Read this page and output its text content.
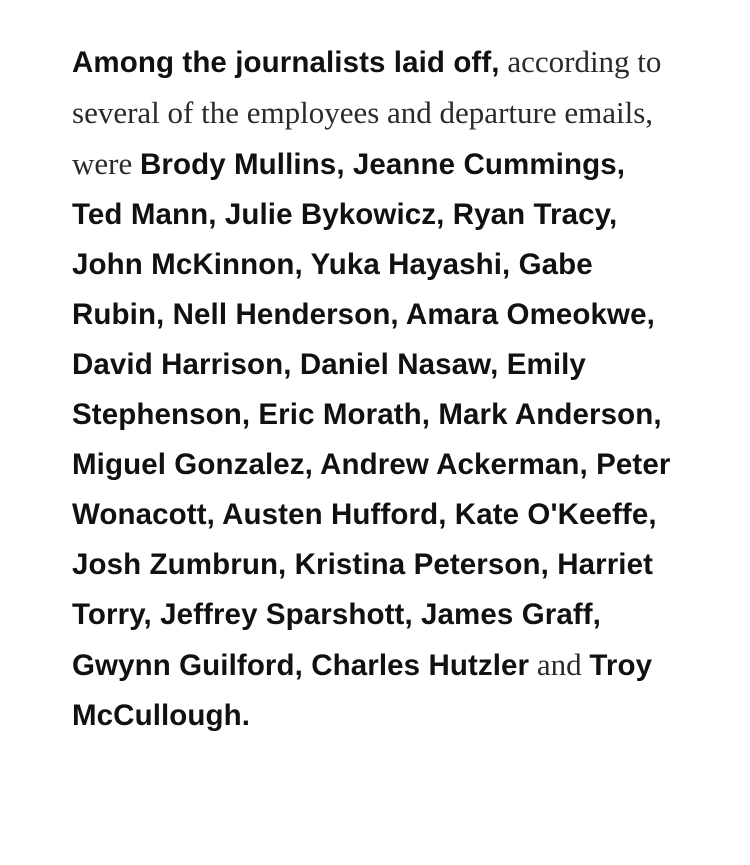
Among the journalists laid off, according to several of the employees and departure emails, were Brody Mullins, Jeanne Cummings, Ted Mann, Julie Bykowicz, Ryan Tracy, John McKinnon, Yuka Hayashi, Gabe Rubin, Nell Henderson, Amara Omeokwe, David Harrison, Daniel Nasaw, Emily Stephenson, Eric Morath, Mark Anderson, Miguel Gonzalez, Andrew Ackerman, Peter Wonacott, Austen Hufford, Kate O'Keeffe, Josh Zumbrun, Kristina Peterson, Harriet Torry, Jeffrey Sparshott, James Graff, Gwynn Guilford, Charles Hutzler and Troy McCullough.
